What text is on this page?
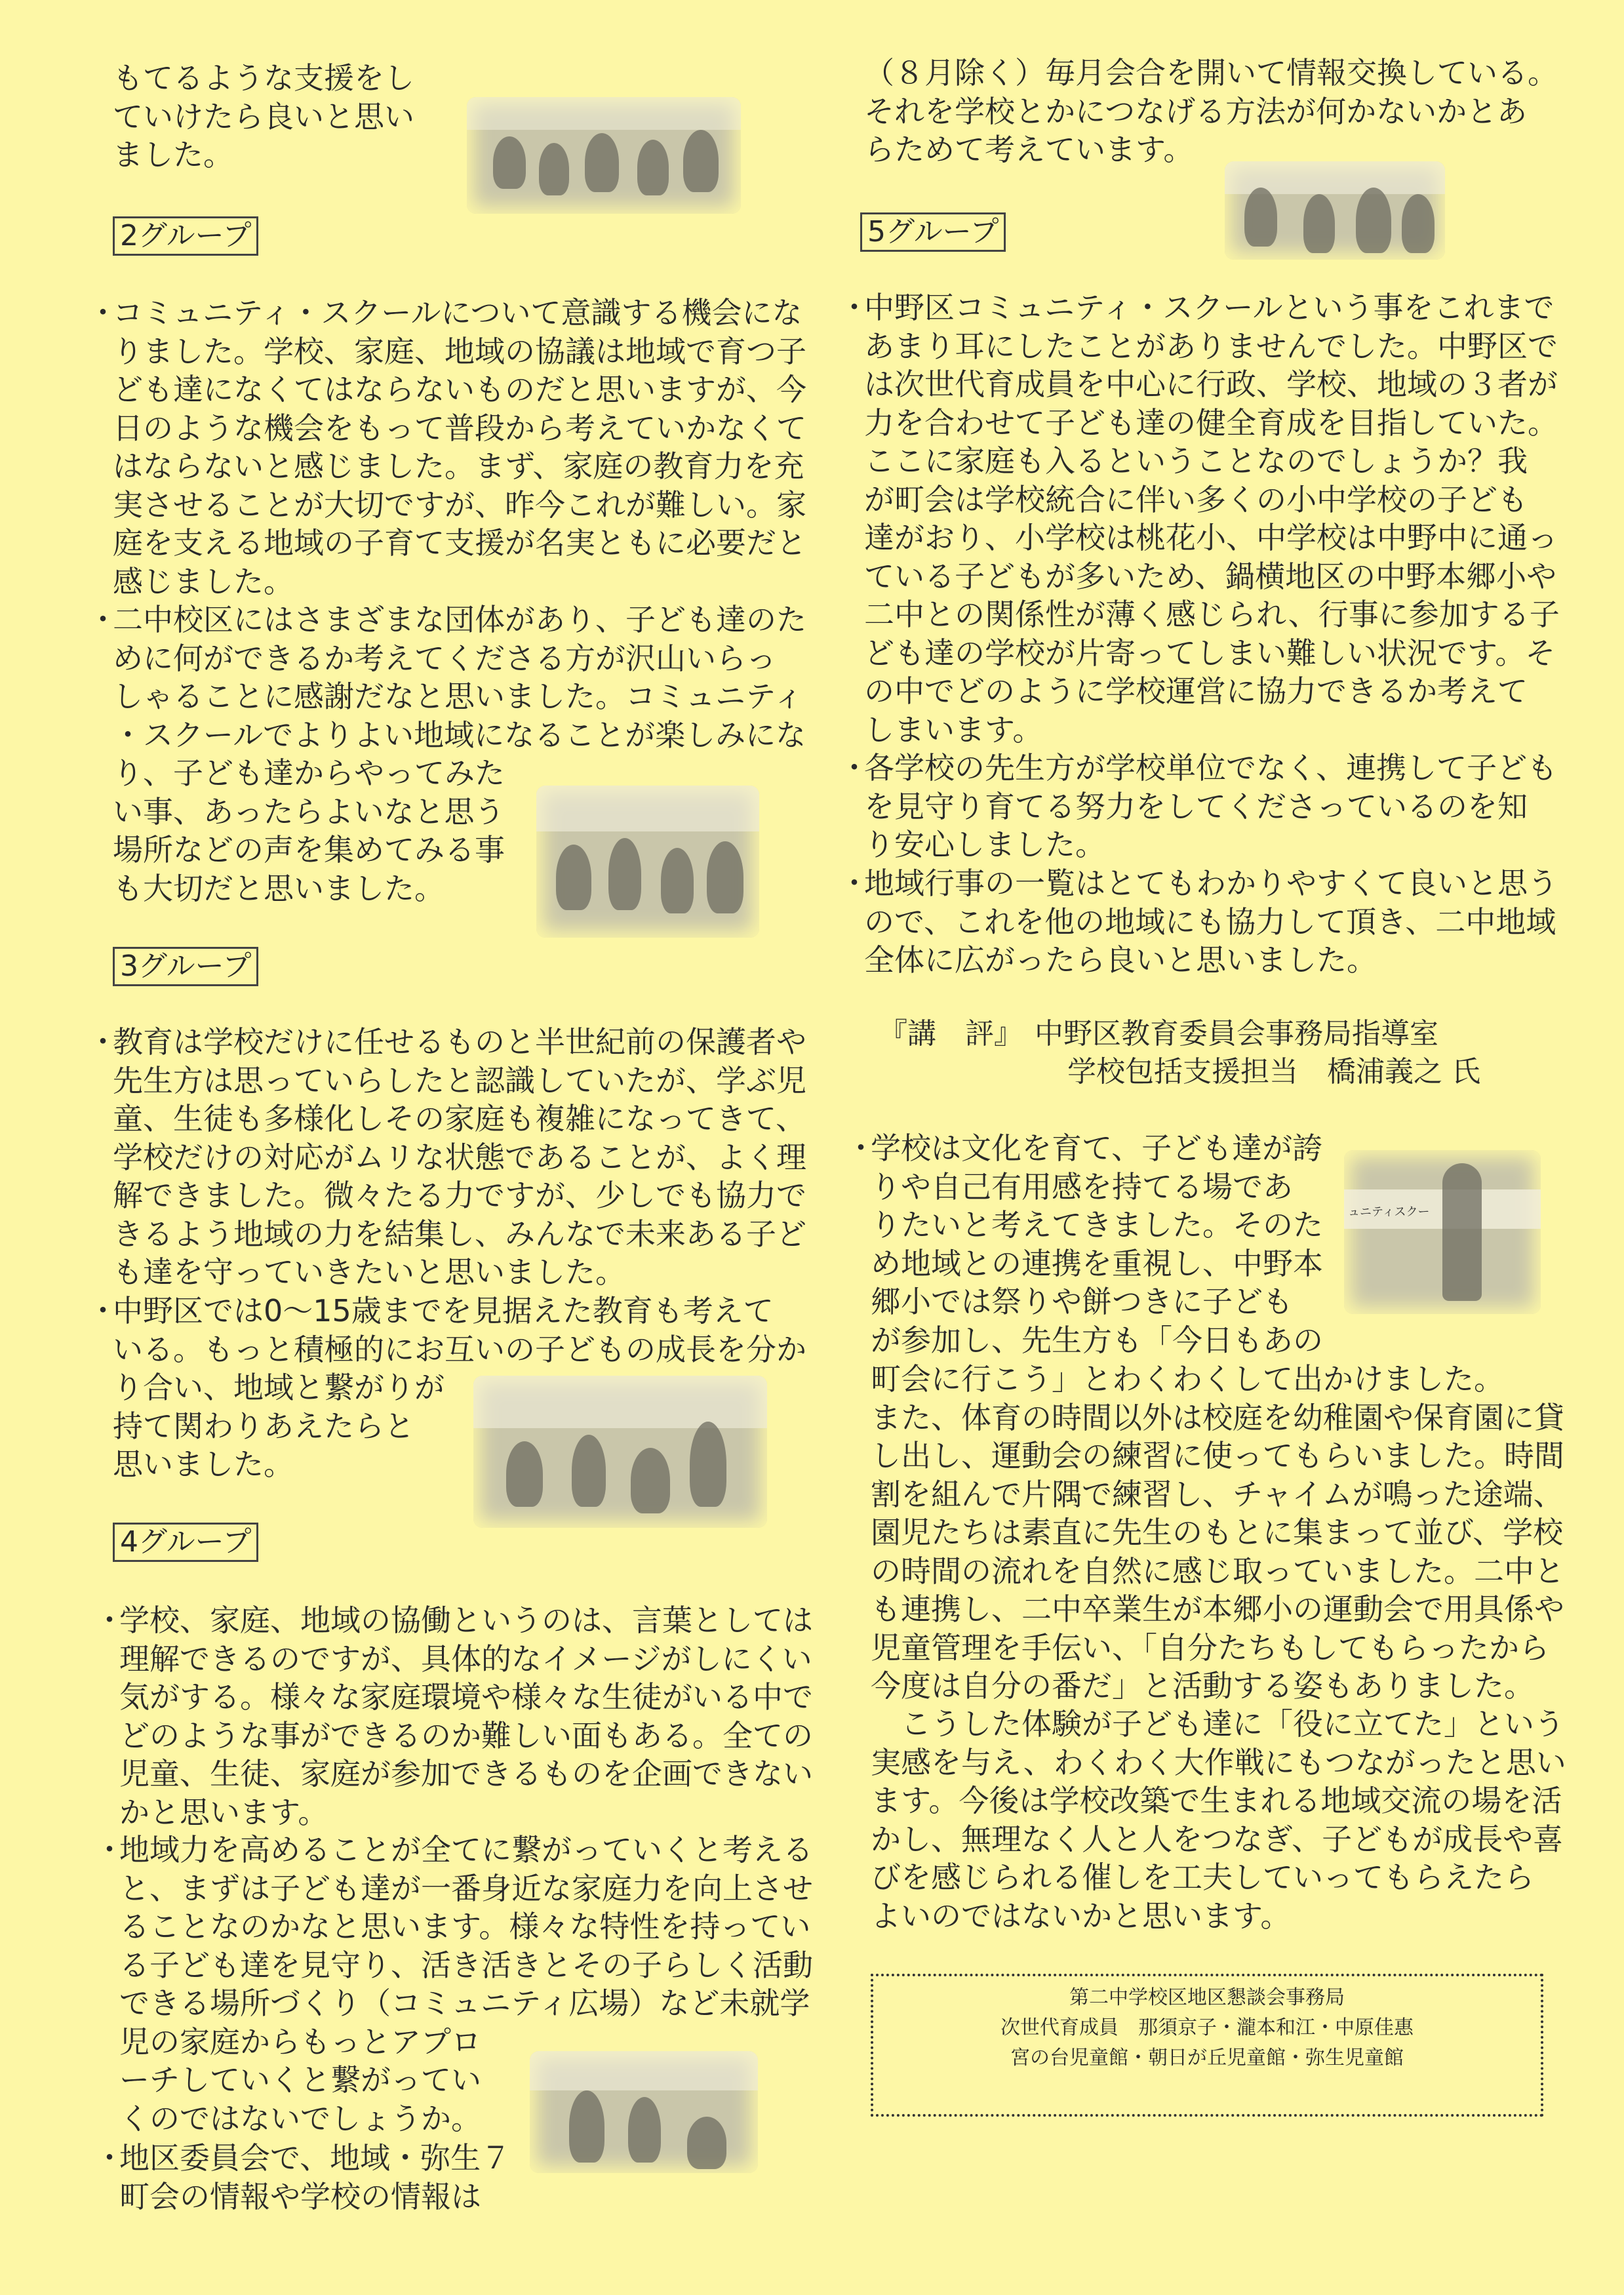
もてるような支援をし

ていけたら良いと思い

ました。

2グループ
・

コミュニティ・スクールについて意識する機会にな

りました。学校、家庭、地域の協議は地域で育つ子

ども達になくてはならないものだと思いますが、今

日のような機会をもって普段から考えていかなくて

はならないと感じました。まず、家庭の教育力を充

実させることが大切ですが、昨今これが難しい。家

庭を支える地域の子育て支援が名実ともに必要だと

感じました。

・

二中校区にはさまざまな団体があり、子ども達のた

めに何ができるか考えてくださる方が沢山いらっ

しゃることに感謝だなと思いました。コミュニティ

・スクールでよりよい地域になることが楽しみにな

り、子ども達からやってみた

い事、あったらよいなと思う

場所などの声を集めてみる事

も大切だと思いました。

3グループ
・

教育は学校だけに任せるものと半世紀前の保護者や

先生方は思っていらしたと認識していたが、学ぶ児

童、生徒も多様化しその家庭も複雑になってきて、

学校だけの対応がムリな状態であることが、よく理

解できました。微々たる力ですが、少しでも協力で

きるよう地域の力を結集し、みんなで未来ある子ど

も達を守っていきたいと思いました。

・

中野区では0～15歳までを見据えた教育も考えて

いる。もっと積極的にお互いの子どもの成長を分か

り合い、地域と繋がりが

持て関わりあえたらと

思いました。

4グループ
・

学校、家庭、地域の協働というのは、言葉としては

理解できるのですが、具体的なイメージがしにくい

気がする。様々な家庭環境や様々な生徒がいる中で

どのような事ができるのか難しい面もある。全ての

児童、生徒、家庭が参加できるものを企画できない

かと思います。

・

地域力を高めることが全てに繋がっていくと考える

と、まずは子ども達が一番身近な家庭力を向上させ

ることなのかなと思います。様々な特性を持ってい

る子ども達を見守り、活き活きとその子らしく活動

できる場所づくり（コミュニティ広場）など未就学

児の家庭からもっとアプロ

ーチしていくと繋がってい

くのではないでしょうか。

・

地区委員会で、地域・弥生７

町会の情報や学校の情報は

（８月除く）毎月会合を開いて情報交換している。

それを学校とかにつなげる方法が何かないかとあ

らためて考えています。

5グループ
・

中野区コミュニティ・スクールという事をこれまで

あまり耳にしたことがありませんでした。中野区で

は次世代育成員を中心に行政、学校、地域の３者が

力を合わせて子ども達の健全育成を目指していた。

ここに家庭も入るということなのでしょうか？我

が町会は学校統合に伴い多くの小中学校の子ども

達がおり、小学校は桃花小、中学校は中野中に通っ

ている子どもが多いため、鍋横地区の中野本郷小や

二中との関係性が薄く感じられ、行事に参加する子

ども達の学校が片寄ってしまい難しい状況です。そ

の中でどのように学校運営に協力できるか考えて

しまいます。

・

各学校の先生方が学校単位でなく、連携して子ども

を見守り育てる努力をしてくださっているのを知

り安心しました。

・

地域行事の一覧はとてもわかりやすくて良いと思う

ので、これを他の地域にも協力して頂き、二中地域

全体に広がったら良いと思いました。

『講　評』 中野区教育委員会事務局指導室
学校包括支援担当　橋浦義之 氏
・

学校は文化を育て、子ども達が誇

りや自己有用感を持てる場であ

りたいと考えてきました。そのた

め地域との連携を重視し、中野本

郷小では祭りや餅つきに子ども

が参加し、先生方も「今日もあの

ュニティスクー

町会に行こう」とわくわくして出かけました。

また、体育の時間以外は校庭を幼稚園や保育園に貸

し出し、運動会の練習に使ってもらいました。時間

割を組んで片隅で練習し、チャイムが鳴った途端、

園児たちは素直に先生のもとに集まって並び、学校

の時間の流れを自然に感じ取っていました。二中と

も連携し、二中卒業生が本郷小の運動会で用具係や

児童管理を手伝い、「自分たちもしてもらったから

今度は自分の番だ」と活動する姿もありました。

　こうした体験が子ども達に「役に立てた」という

実感を与え、わくわく大作戦にもつながったと思い

ます。今後は学校改築で生まれる地域交流の場を活

かし、無理なく人と人をつなぎ、子どもが成長や喜

びを感じられる催しを工夫していってもらえたら

よいのではないかと思います。

第二中学校区地区懇談会事務局
次世代育成員　那須京子・瀧本和江・中原佳惠
宮の台児童館・朝日が丘児童館・弥生児童館
